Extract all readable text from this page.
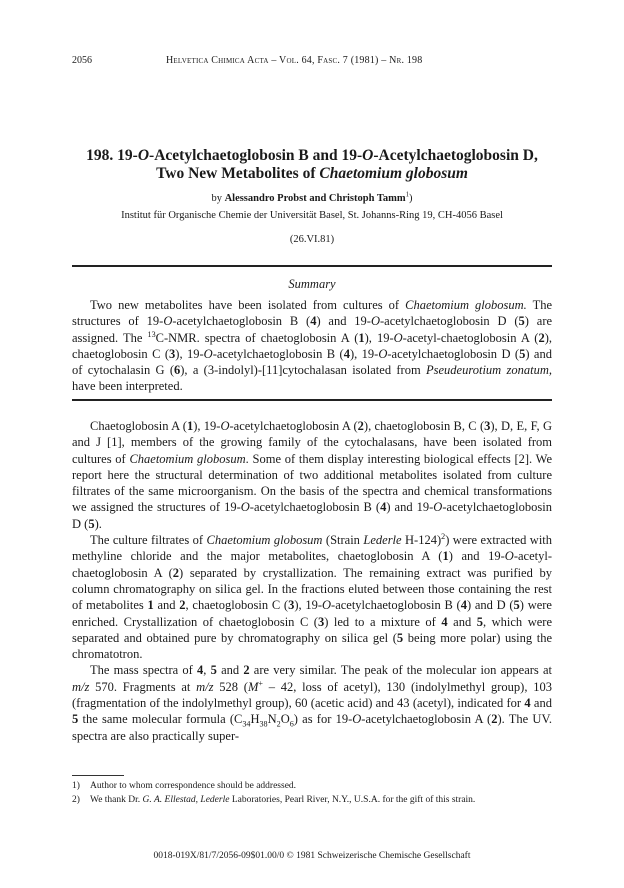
2056	Helvetica Chimica Acta – Vol. 64, Fasc. 7 (1981) – Nr. 198
198. 19-O-Acetylchaetoglobosin B and 19-O-Acetylchaetoglobosin D,
Two New Metabolites of Chaetomium globosum
by Alessandro Probst and Christoph Tamm$^1$)
Institut für Organische Chemie der Universität Basel, St. Johanns-Ring 19, CH-4056 Basel
(26.VI.81)
Summary

Two new metabolites have been isolated from cultures of Chaetomium globosum. The structures of 19-O-acetylchaetoglobosin B (4) and 19-O-acetylchaetoglobosin D (5) are assigned. The $^{13}$C-NMR. spectra of chaetoglobosin A (1), 19-O-acetyl-chaetoglobosin A (2), chaetoglobosin C (3), 19-O-acetylchaetoglobosin B (4), 19-O-acetylchaetoglobosin D (5) and of cytochalasin G (6), a (3-indolyl)-[11]cytochalasan isolated from Pseudeurotium zonatum, have been interpreted.

Chaetoglobosin A (1), 19-O-acetylchaetoglobosin A (2), chaetoglobosin B, C (3), D, E, F, G and J [1], members of the growing family of the cytochalasans, have been isolated from cultures of Chaetomium globosum. Some of them display interesting biological effects [2]. We report here the structural determination of two additional metabolites isolated from culture filtrates of the same microorganism. On the basis of the spectra and chemical transformations we assigned the structures of 19-O-acetylchaetoglobosin B (4) and 19-O-acetylchaetoglobosin D (5).

The culture filtrates of Chaetomium globosum (Strain Lederle H-124)$^2$) were extracted with methyline chloride and the major metabolites, chaetoglobosin A (1) and 19-O-acetyl-chaetoglobosin A (2) separated by crystallization. The remaining extract was purified by column chromatography on silica gel. In the fractions eluted between those containing the rest of metabolites 1 and 2, chaetoglobosin C (3), 19-O-acetylchaetoglobosin B (4) and D (5) were enriched. Crystallization of chaetoglobosin C (3) led to a mixture of 4 and 5, which were separated and obtained pure by chromatography on silica gel (5 being more polar) using the chromatotron.

The mass spectra of 4, 5 and 2 are very similar. The peak of the molecular ion appears at m/z 570. Fragments at m/z 528 (M+ – 42, loss of acetyl), 130 (indolylmethyl group), 103 (fragmentation of the indolylmethyl group), 60 (acetic acid) and 43 (acetyl), indicated for 4 and 5 the same molecular formula $(C_{34}H_{38}N_2O_6)$ as for 19-O-acetylchaetoglobosin A (2). The UV. spectra are also practically super-

1) Author to whom correspondence should be addressed.
2) We thank Dr. G. A. Ellestad, Lederle Laboratories, Pearl River, N.Y., U.S.A. for the gift of this strain.
0018-019X/81/7/2056-09$01.00/0 © 1981 Schweizerische Chemische Gesellschaft
